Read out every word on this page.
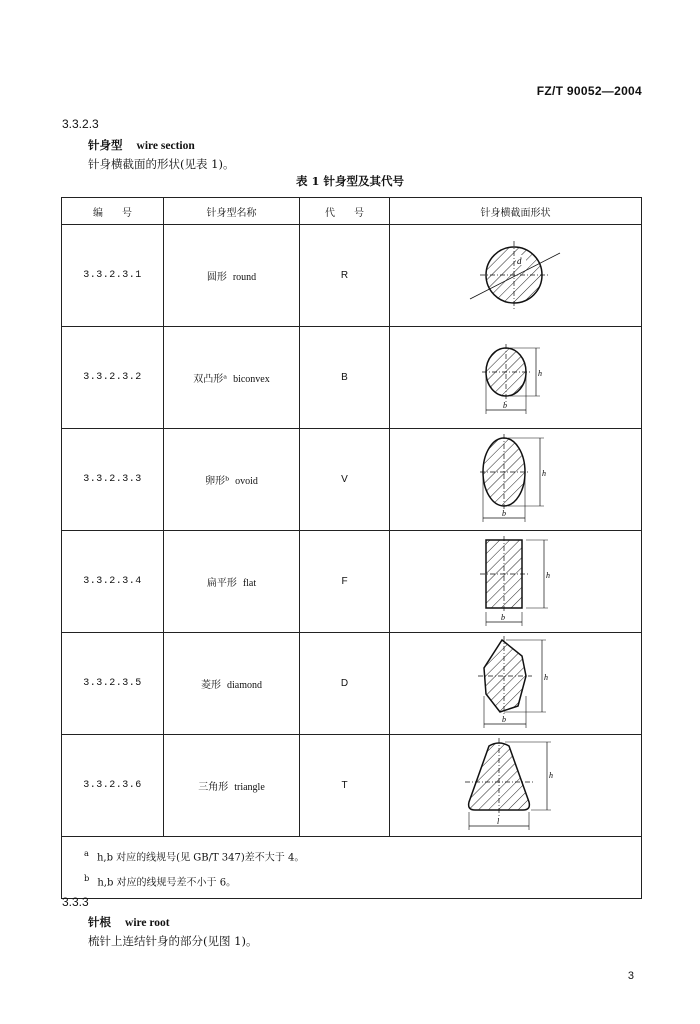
FZ/T 90052—2004
3.3.2.3
针身型 wire section
针身横截面的形状(见表 1)。
表 1 针身型及其代号
编      号	针身型名称	代      号	针身横截面形状
3.3.2.3.1	圆形 round	R	d

3.3.2.3.2	双凸形ᵃ biconvex	B	h
b

3.3.2.3.3	卵形ᵇ ovoid	V	h
b

3.3.2.3.4	扁平形 flat	F	h
b

3.3.2.3.5	菱形 diamond	D	h
b

3.3.2.3.6	三角形 triangle	T	h
l

$^a$ h,b 对应的线规号(见 GB/T 347)差不大于 4。
$^b$ h,b 对应的线规号差不小于 6。			
3.3.3
针根 wire root
梳针上连结针身的部分(见图 1)。
3
